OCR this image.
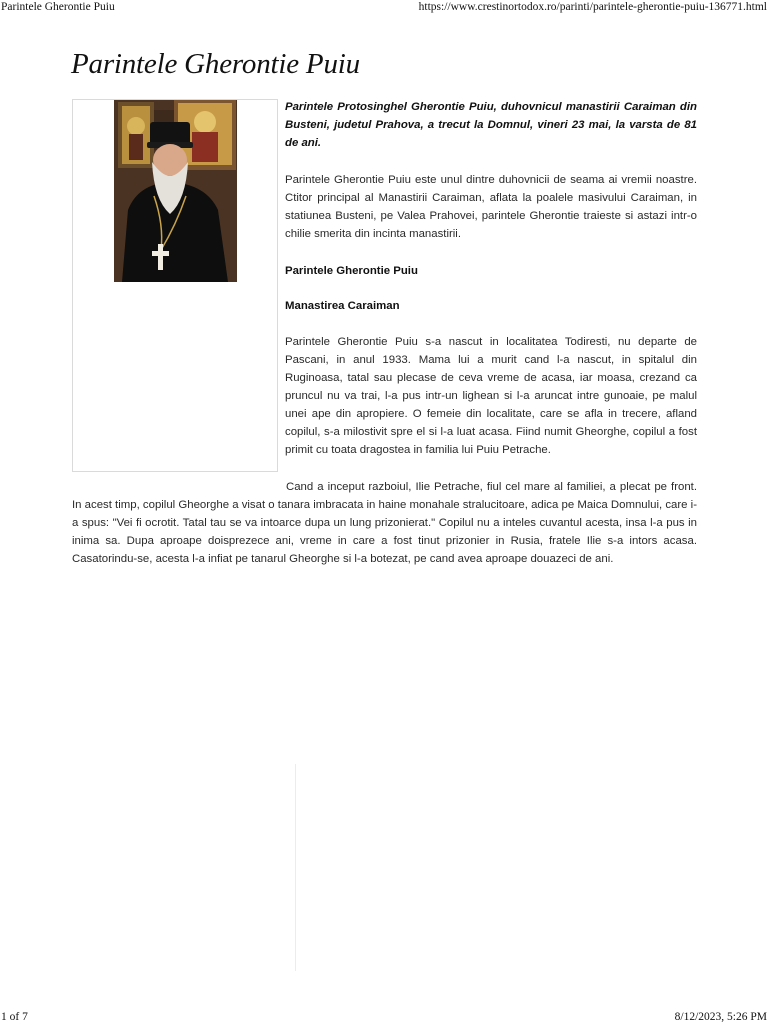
Parintele Gherontie Puiu	https://www.crestinortodox.ro/parinti/parintele-gherontie-puiu-136771.html
Parintele Gherontie Puiu

Parintele Protosinghel Gherontie Puiu, duhovnicul manastirii Caraiman din Busteni, judetul Prahova, a trecut la Domnul, vineri 23 mai, la varsta de 81 de ani.

Parintele Gherontie Puiu este unul dintre duhovnicii de seama ai vremii noastre. Ctitor principal al Manastirii Caraiman, aflata la poalele masivului Caraiman, in statiunea Busteni, pe Valea Prahovei, parintele Gherontie traieste si astazi intr-o chilie smerita din incinta manastirii.

Parintele Gherontie Puiu

Manastirea Caraiman

Parintele Gherontie Puiu s-a nascut in localitatea Todiresti, nu departe de Pascani, in anul 1933. Mama lui a murit cand l-a nascut, in spitalul din Ruginoasa, tatal sau plecase de ceva vreme de acasa, iar moasa, crezand ca pruncul nu va trai, l-a pus intr-un lighean si l-a aruncat intre gunoaie, pe malul unei ape din apropiere. O femeie din localitate, care se afla in trecere, afland copilul, s-a milostivit spre el si l-a luat acasa. Fiind numit Gheorghe, copilul a fost primit cu toata dragostea in familia lui Puiu Petrache.

Cand a inceput razboiul, Ilie Petrache, fiul cel mare al familiei, a plecat pe front. In acest timp, copilul Gheorghe a visat o tanara imbracata in haine monahale stralucitoare, adica pe Maica Domnului, care i-a spus: "Vei fi ocrotit. Tatal tau se va intoarce dupa un lung prizonierat." Copilul nu a inteles cuvantul acesta, insa l-a pus in inima sa. Dupa aproape doisprezece ani, vreme in care a fost tinut prizonier in Rusia, fratele Ilie s-a intors acasa. Casatorindu-se, acesta l-a infiat pe tanarul Gheorghe si l-a botezat, pe cand avea aproape douazeci de ani.

1 of 7	8/12/2023, 5:26 PM
